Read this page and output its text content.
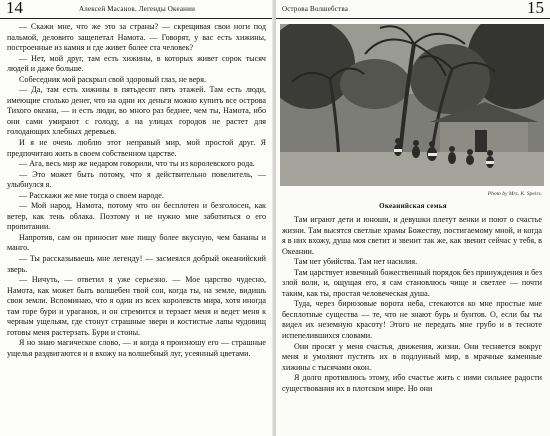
14	Алексей Масанов. Легенды Океании

— Скажи мне, что же это за страны? — скрещивая свои ноги под пальмой, деловито защепетал Намота. — Говорят, у вас есть хижины, построенные из камня и где живет более ста человек?

— Нет, мой друг, там есть хижины, в которых живет сорок тысяч людей и даже больше.

Собеседник мой раскрыл свой здоровый глаз, не веря.

— Да, там есть хижины в пятьдесят пять этажей. Там есть люди, имеющие столько денег, что на одни их деньги можно купить все острова Тихого океана, — и есть люди, во много раз беднее, чем ты, Намота, ибо они сами умирают с голоду, а на улицах городов не растет для голодающих хлебных деревьев.

И я не очень люблю этот неправый мир, мой простой друг. Я предпочитаю жить в своем собственном царстве.

— Ага, весь мир же недаром говорили, что ты из королевского рода.

— Это может быть потому, что я действительно повелитель, — улыбнулся я.

— Расскажи же мне тогда о своем народе.

— Мой народ, Намота, потому что он бесплотен и безголосен, как ветер, как тень облака. Поэтому и не нужно мне заботиться о его пропитании.

Напротив, сам он приносит мне пищу более вкусную, чем бананы и манго.

— Ты рассказываешь мне легенду! — засмеялся добрый океанийский зверь.

— Ничуть, — ответил я уже серьезно. — Мое царство чудесно, Намота, как может быть волшебен твой сон, когда ты, на земле, видишь свои земли. Вспоминаю, что я один из всех королевств мира, хотя иногда там горе бури и ураганов, и он стремится и терзает меня и ведет меня к черным ущельям, где стонут страшные звери и костистые лапы чудовищ готовы меня растерзать. Бури и стоны.

Я но знаю магическое слово, — и когда я произношу его — страшные ущелья раздвигаются и я вхожу на волшебный луг, усеянный цветами.

Острова Волшебства	15
Photo by Mrs. K. Speirs.
Океанийская семья

Там играют дети и юноши, и девушки плетут венки и поют о счастье жизни. Там высятся светлые храмы Божеству, постигаемому мной, и когда я в них вхожу, душа моя светит и звенит так же, как звенит сейчас у тебя, в Океании.

Там нет убийства. Там нет насилия.

Там царствует извечный божественный порядок без принуждения и без злой воли, и, ощущая его, я сам становлюсь чище и светлее — почти таким, как ты, простая человеческая душа.

Туда, через бирюзовые ворота неба, стекаются ко мне простые мне бесплотные существа — те, что не знают бурь и бунтов. О, если бы ты видел их неземную красоту! Этого не передать мне грубо и в тесноте испепелившихся словами.

Они просят у меня счастья, движения, жизни. Они тесняется вокруг меня и умоляют пустить их в подлунный мир, в мрачные каменные хижины с тысячами окон.

Я долго противлюсь этому, ибо счастье жить с ними сильнее радости существования их в плотском мире. Но они
